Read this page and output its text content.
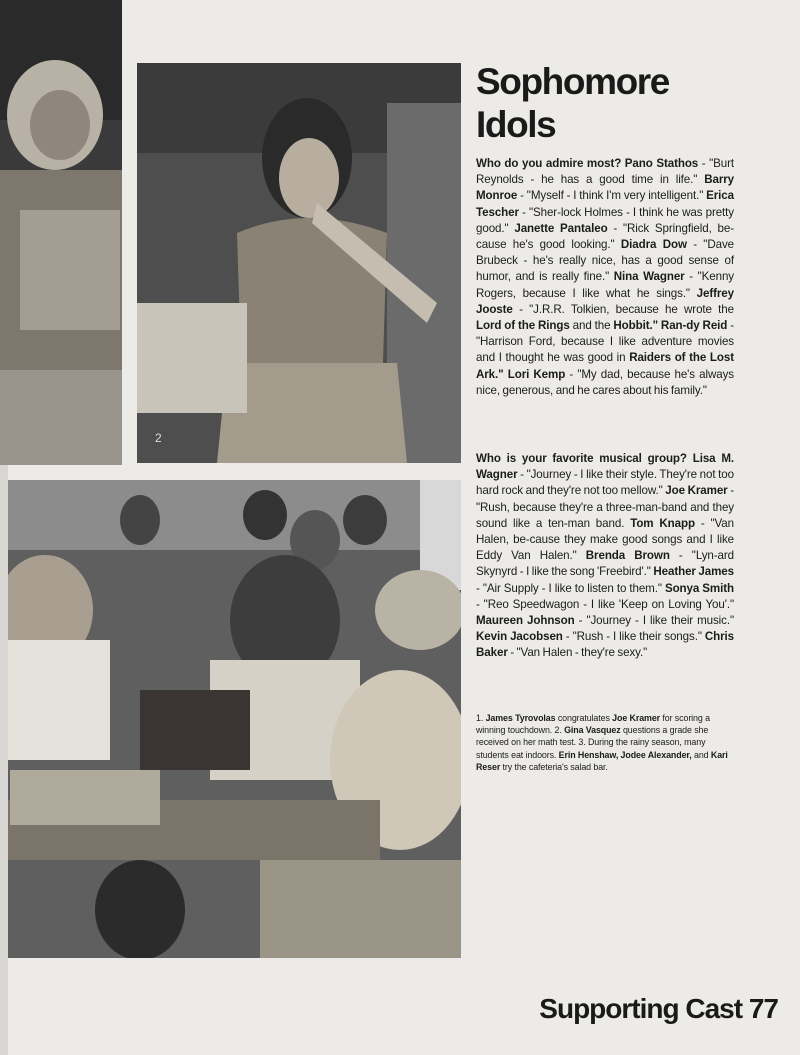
2
Sophomore Idols

Who do you admire most? Pano Stathos - "Burt Reynolds - he has a good time in life." Barry Monroe - "Myself - I think I'm very intelligent." Erica Tescher - "Sher-lock Holmes - I think he was pretty good." Janette Pantaleo - "Rick Springfield, be-cause he's good looking." Diadra Dow - "Dave Brubeck - he's really nice, has a good sense of humor, and is really fine." Nina Wagner - "Kenny Rogers, because I like what he sings." Jeffrey Jooste - "J.R.R. Tolkien, because he wrote the Lord of the Rings and the Hobbit." Ran-dy Reid - "Harrison Ford, because I like adventure movies and I thought he was good in Raiders of the Lost Ark." Lori Kemp - "My dad, because he's always nice, generous, and he cares about his family."

Who is your favorite musical group? Lisa M. Wagner - "Journey - I like their style. They're not too hard rock and they're not too mellow." Joe Kramer - "Rush, because they're a three-man-band and they sound like a ten-man band. Tom Knapp - "Van Halen, be-cause they make good songs and I like Eddy Van Halen." Brenda Brown - "Lyn-ard Skynyrd - I like the song 'Freebird'." Heather James - "Air Supply - I like to listen to them." Sonya Smith - "Reo Speedwagon - I like 'Keep on Loving You'." Maureen Johnson - "Journey - I like their music." Kevin Jacobsen - "Rush - I like their songs." Chris Baker - "Van Halen - they're sexy."

1. James Tyrovolas congratulates Joe Kramer for scoring a winning touchdown. 2. Gina Vasquez questions a grade she received on her math test. 3. During the rainy season, many students eat indoors. Erin Henshaw, Jodee Alexander, and Kari Reser try the cafeteria's salad bar.

Supporting Cast 77
